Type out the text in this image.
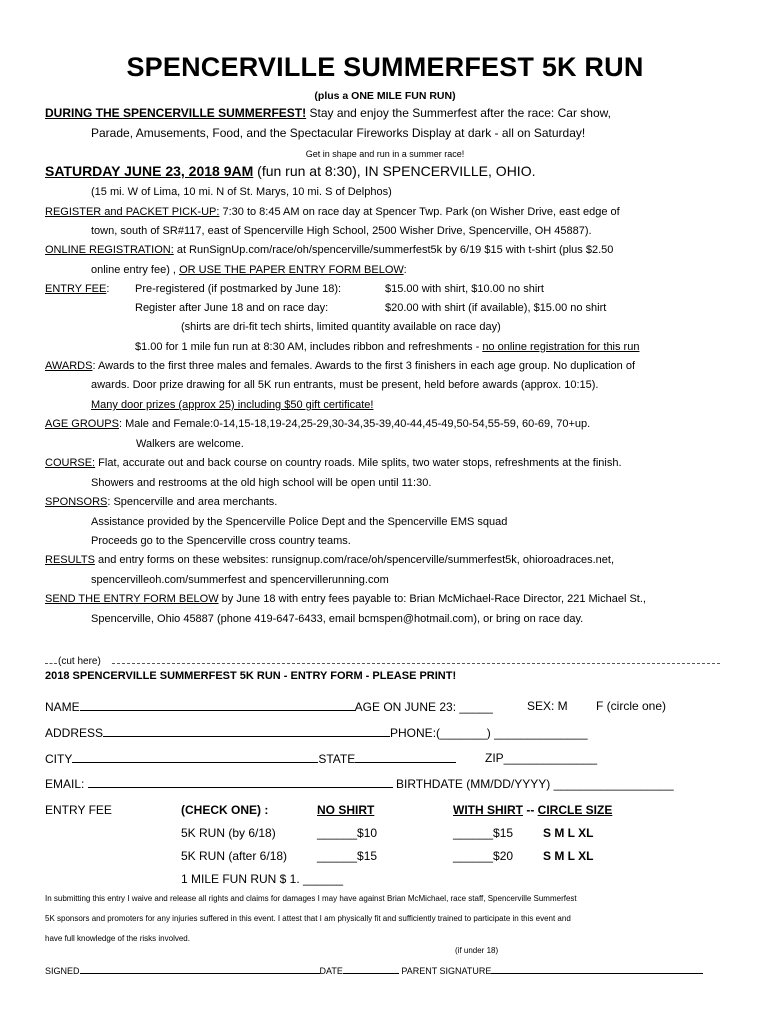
SPENCERVILLE SUMMERFEST 5K RUN
(plus a ONE MILE FUN RUN)
DURING THE SPENCERVILLE SUMMERFEST! Stay and enjoy the Summerfest after the race: Car show,
Parade, Amusements, Food, and the Spectacular Fireworks Display at dark - all on Saturday!
Get in shape and run in a summer race!
SATURDAY JUNE 23, 2018 9AM (fun run at 8:30), IN SPENCERVILLE, OHIO.
(15 mi. W of Lima, 10 mi. N of St. Marys, 10 mi. S of Delphos)
REGISTER and PACKET PICK-UP: 7:30 to 8:45 AM on race day at Spencer Twp. Park (on Wisher Drive, east edge of
town, south of SR#117, east of Spencerville High School, 2500 Wisher Drive, Spencerville, OH 45887).
ONLINE REGISTRATION: at RunSignUp.com/race/oh/spencerville/summerfest5k by 6/19 $15 with t-shirt (plus $2.50
online entry fee) , OR USE THE PAPER ENTRY FORM BELOW:
ENTRY FEE: Pre-registered (if postmarked by June 18):	$15.00 with shirt, $10.00 no shirt
Register after June 18 and on race day:	$20.00 with shirt (if available), $15.00 no shirt
(shirts are dri-fit tech shirts, limited quantity available on race day)
$1.00 for 1 mile fun run at 8:30 AM, includes ribbon and refreshments - no online registration for this run
AWARDS: Awards to the first three males and females. Awards to the first 3 finishers in each age group. No duplication of
awards. Door prize drawing for all 5K run entrants, must be present, held before awards (approx. 10:15).
Many door prizes (approx 25) including $50 gift certificate!
AGE GROUPS: Male and Female:0-14,15-18,19-24,25-29,30-34,35-39,40-44,45-49,50-54,55-59, 60-69, 70+up.
Walkers are welcome.
COURSE: Flat, accurate out and back course on country roads. Mile splits, two water stops, refreshments at the finish.
Showers and restrooms at the old high school will be open until 11:30.
SPONSORS: Spencerville and area merchants.
Assistance provided by the Spencerville Police Dept and the Spencerville EMS squad
Proceeds go to the Spencerville cross country teams.
RESULTS and entry forms on these websites: runsignup.com/race/oh/spencerville/summerfest5k, ohioroadraces.net,
spencervilleoh.com/summerfest and spencervillerunning.com
SEND THE ENTRY FORM BELOW by June 18 with entry fees payable to: Brian McMichael-Race Director, 221 Michael St.,
Spencerville, Ohio 45887 (phone 419-647-6433, email bcmspen@hotmail.com), or bring on race day.
(cut here)
2018 SPENCERVILLE SUMMERFEST 5K RUN - ENTRY FORM - PLEASE PRINT!
NAME	AGE ON JUNE 23: _____	SEX: M F (circle one)
ADDRESS	PHONE:(_______) ______________
CITY	STATE	ZIP______________
EMAIL:	BIRTHDATE (MM/DD/YYYY) __________________
ENTRY FEE	(CHECK ONE) :	NO SHIRT	WITH SHIRT -- CIRCLE SIZE
5K RUN (by 6/18)	______$10	______$15 S M L XL
5K RUN (after 6/18) ______$15	______$20 S M L XL
1 MILE FUN RUN $ 1. ______
In submitting this entry I waive and release all rights and claims for damages I may have against Brian McMichael, race staff, Spencerville Summerfest
5K sponsors and promoters for any injuries suffered in this event. I attest that I am physically fit and sufficiently trained to participate in this event and
have full knowledge of the risks involved.
(if under 18)
SIGNED	DATE	PARENT SIGNATURE
